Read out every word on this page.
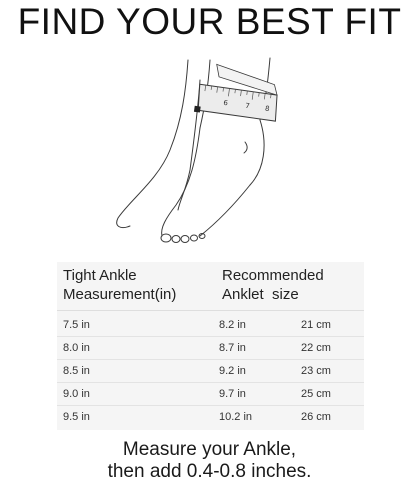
FIND YOUR BEST FIT
6 7 8
Tight Ankle
Measurement(in)
Recommended
Anklet  size
7.5 in	8.2 in	21 cm
8.0 in	8.7 in	22 cm
8.5 in	9.2 in	23 cm
9.0 in	9.7 in	25 cm
9.5 in	10.2 in	26 cm
Measure your Ankle,
then add 0.4-0.8 inches.
